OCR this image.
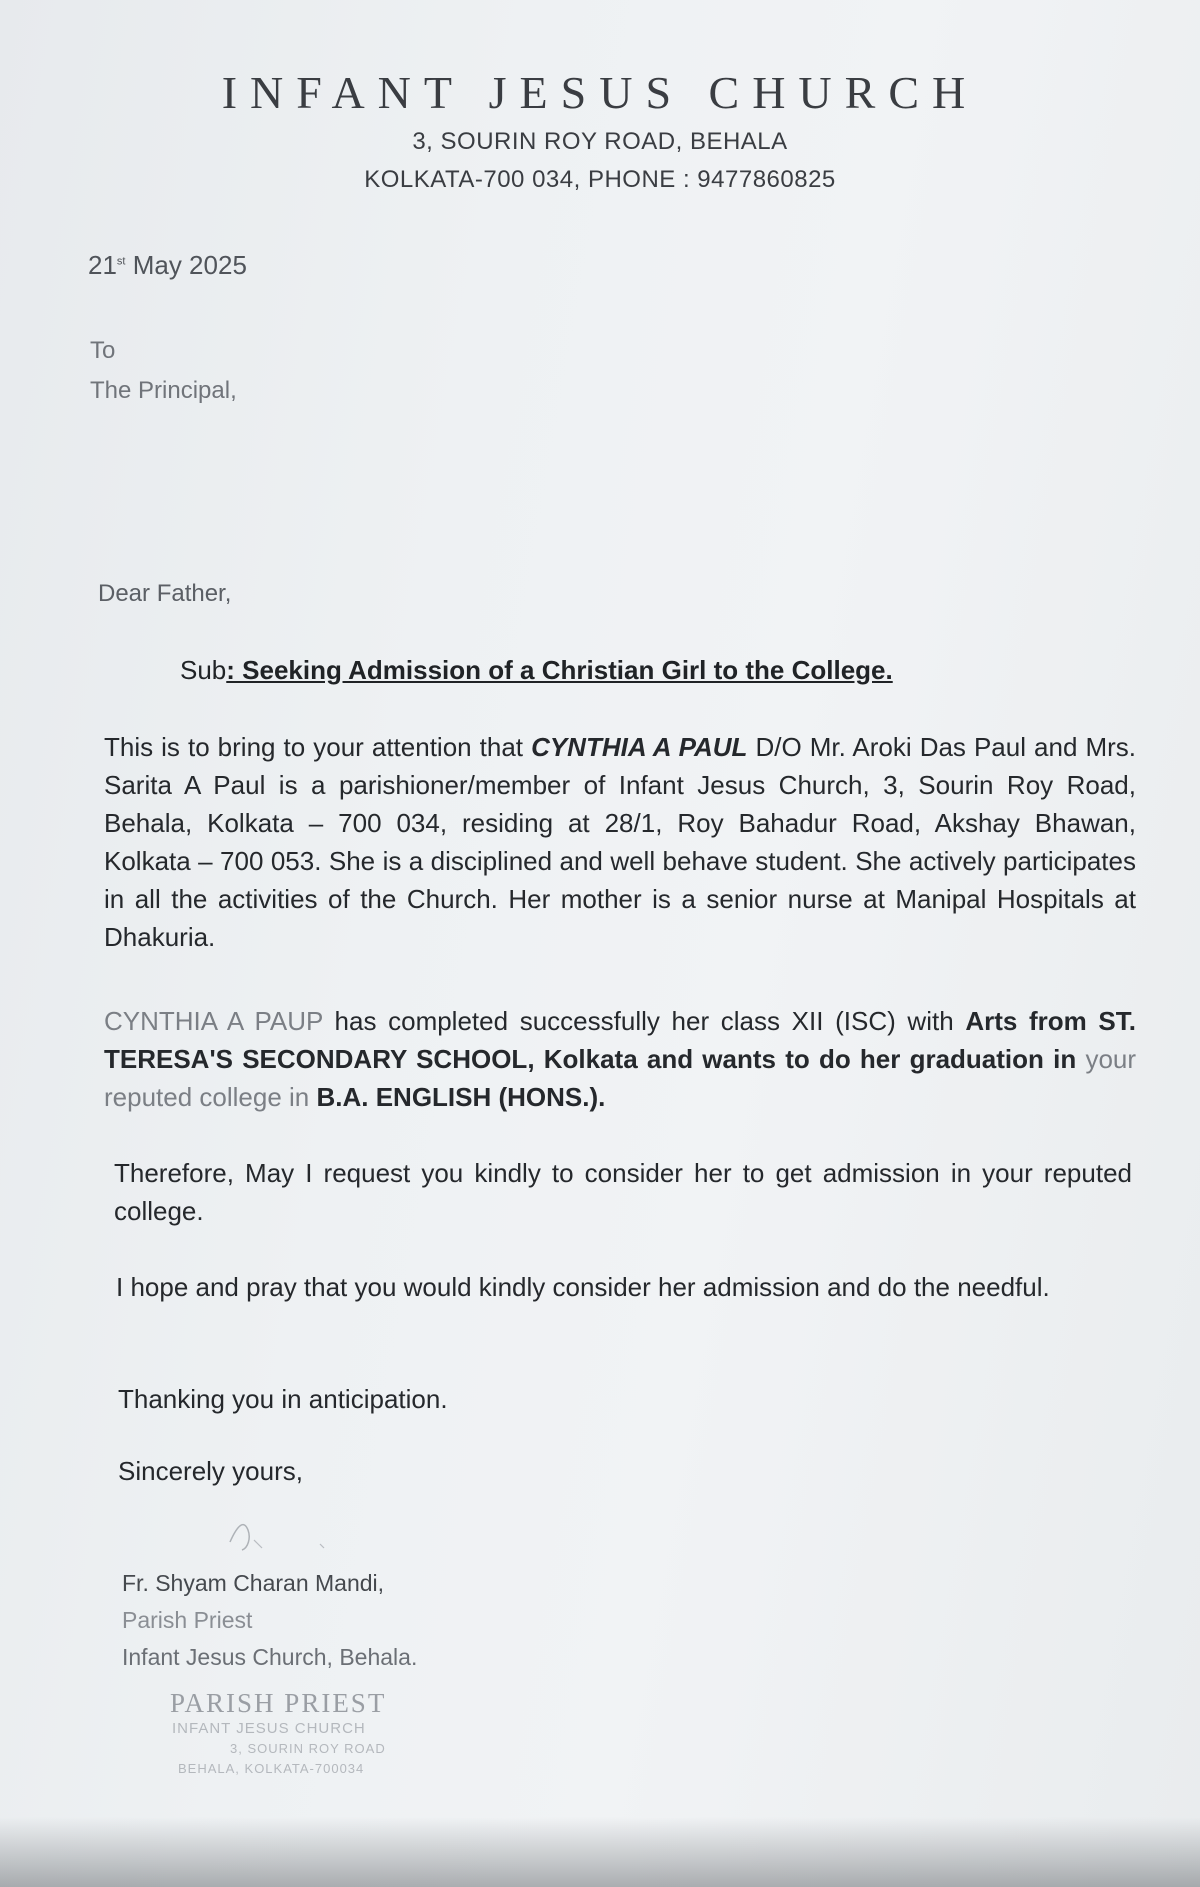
INFANT JESUS CHURCH
3, SOURIN ROY ROAD, BEHALA
KOLKATA-700 034, PHONE : 9477860825
21st May 2025
To
The Principal,
Dear Father,
Sub: Seeking Admission of a Christian Girl to the College.
This is to bring to your attention that CYNTHIA A PAUL D/O Mr. Aroki Das Paul and Mrs. Sarita A Paul is a parishioner/member of Infant Jesus Church, 3, Sourin Roy Road, Behala, Kolkata – 700 034, residing at 28/1, Roy Bahadur Road, Akshay Bhawan, Kolkata – 700 053. She is a disciplined and well behave student. She actively participates in all the activities of the Church. Her mother is a senior nurse at Manipal Hospitals at Dhakuria.
CYNTHIA A PAUP has completed successfully her class XII (ISC) with Arts from ST. TERESA'S SECONDARY SCHOOL, Kolkata and wants to do her graduation in your reputed college in B.A. ENGLISH (HONS.).
Therefore, May I request you kindly to consider her to get admission in your reputed college.
I hope and pray that you would kindly consider her admission and do the needful.
Thanking you in anticipation.
Sincerely yours,
Fr. Shyam Charan Mandi,
Parish Priest
Infant Jesus Church, Behala.
PARISH PRIEST
INFANT JESUS CHURCH
3, SOURIN ROY ROAD
BEHALA, KOLKATA-700034
